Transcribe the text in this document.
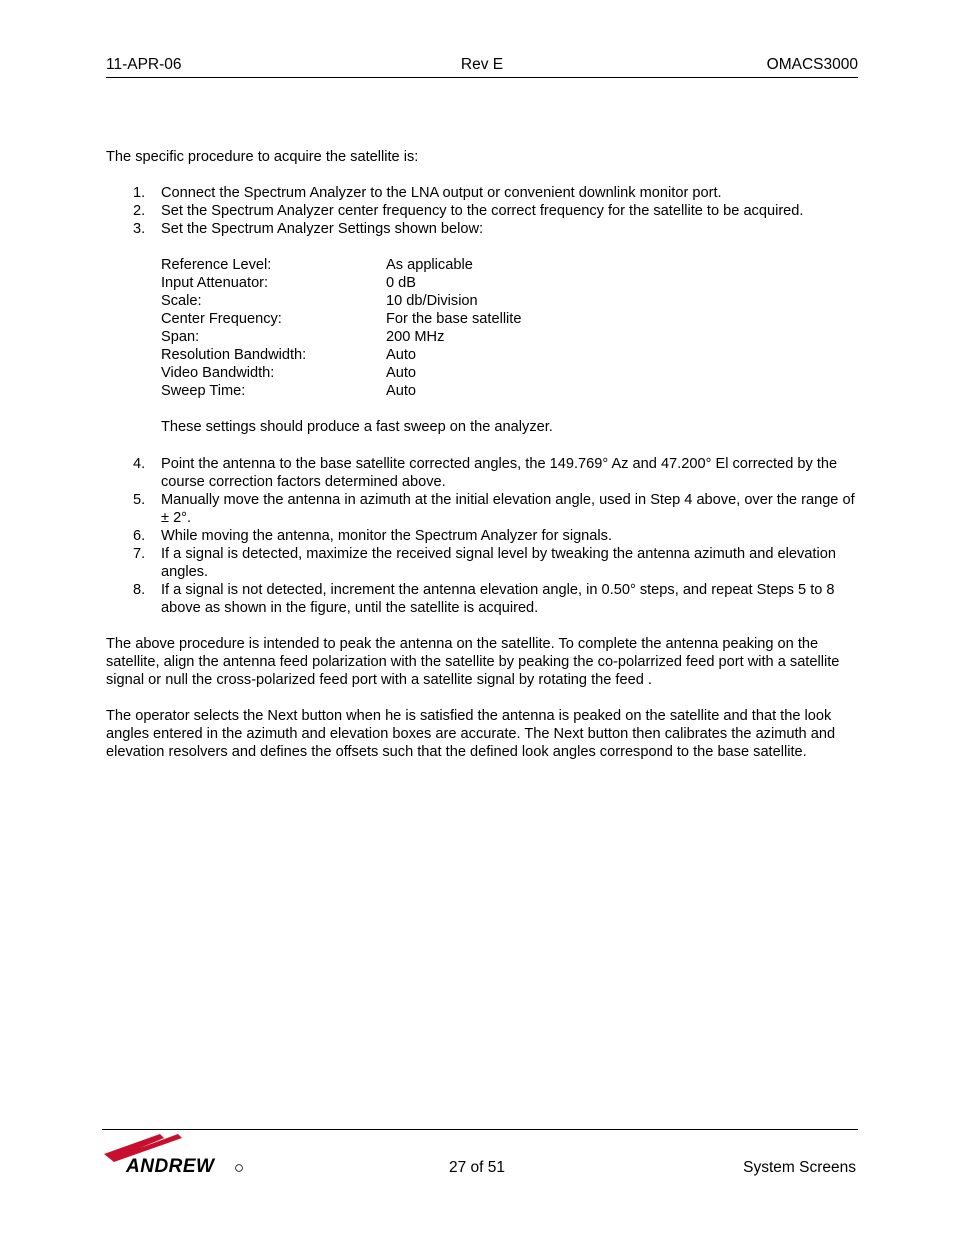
11-APR-06	Rev E	OMACS3000

The specific procedure to acquire the satellite is:

1. Connect the Spectrum Analyzer to the LNA output or convenient downlink monitor port.
2. Set the Spectrum Analyzer center frequency to the correct frequency for the satellite to be acquired.
3. Set the Spectrum Analyzer Settings shown below:
Reference Level:	As applicable
Input Attenuator:	0 dB
Scale:	10 db/Division
Center Frequency:	For the base satellite
Span:	200 MHz
Resolution Bandwidth:	Auto
Video Bandwidth:	Auto
Sweep Time:	Auto

These settings should produce a fast sweep on the analyzer.

4. Point the antenna to the base satellite corrected angles, the 149.769° Az and 47.200° El corrected by the course correction factors determined above.
5. Manually move the antenna in azimuth at the initial elevation angle, used in Step 4 above, over the range of ± 2°.
6. While moving the antenna, monitor the Spectrum Analyzer for signals.
7. If a signal is detected, maximize the received signal level by tweaking the antenna azimuth and elevation angles.
8. If a signal is not detected, increment the antenna elevation angle, in 0.50° steps, and repeat Steps 5 to 8 above as shown in the figure, until the satellite is acquired.

The above procedure is intended to peak the antenna on the satellite. To complete the antenna peaking on the satellite, align the antenna feed polarization with the satellite by peaking the co-polarrized feed port with a satellite signal or null the cross-polarized feed port with a satellite signal by rotating the feed .

The operator selects the Next button when he is satisfied the antenna is peaked on the satellite and that the look angles entered in the azimuth and elevation boxes are accurate. The Next button then calibrates the azimuth and elevation resolvers and defines the offsets such that the defined look angles correspond to the base satellite.

ANDREW	27 of 51	System Screens
